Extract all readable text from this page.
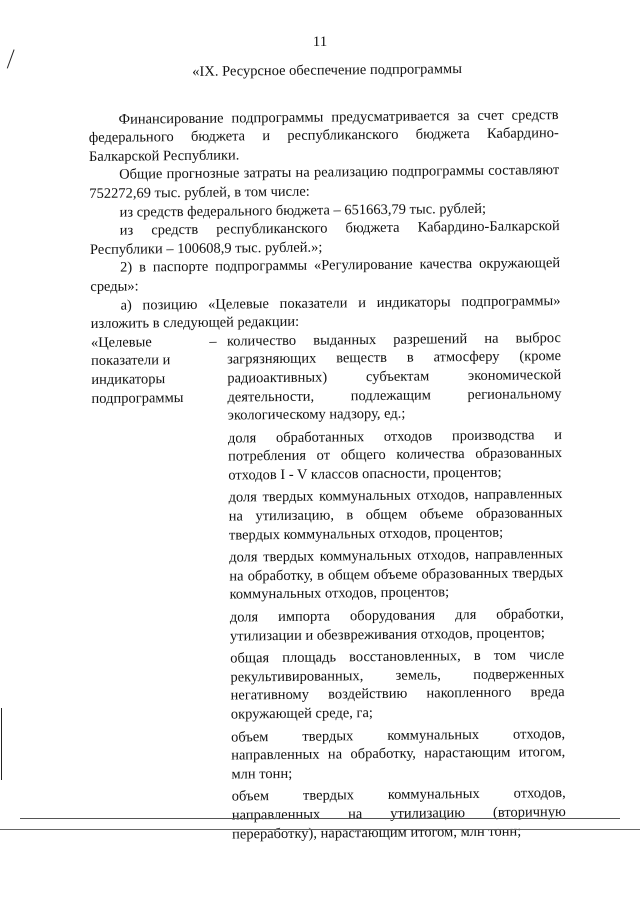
11
«IX. Ресурсное обеспечение подпрограммы

Финансирование подпрограммы предусматривается за счет средств федерального бюджета и республиканского бюджета Кабардино-Балкарской Республики.

Общие прогнозные затраты на реализацию подпрограммы составляют 752272,69 тыс. рублей, в том числе:

из средств федерального бюджета – 651663,79 тыс. рублей;

из средств республиканского бюджета Кабардино-Балкарской Республики – 100608,9 тыс. рублей.»;

2) в паспорте подпрограммы «Регулирование качества окружающей среды»:

а) позицию «Целевые показатели и индикаторы подпрограммы» изложить в следующей редакции:

«Целевые показатели и индикаторы подпрограммы
– количество выданных разрешений на выброс загрязняющих веществ в атмосферу (кроме радиоактивных) субъектам экономической деятельности, подлежащим региональному экологическому надзору, ед.;

доля обработанных отходов производства и потребления от общего количества образованных отходов I - V классов опасности, процентов;

доля твердых коммунальных отходов, направленных на утилизацию, в общем объеме образованных твердых коммунальных отходов, процентов;

доля твердых коммунальных отходов, направленных на обработку, в общем объеме образованных твердых коммунальных отходов, процентов;

доля импорта оборудования для обработки, утилизации и обезвреживания отходов, процентов;

общая площадь восстановленных, в том числе рекультивированных, земель, подверженных негативному воздействию накопленного вреда окружающей среде, га;

объем твердых коммунальных отходов, направленных на обработку, нарастающим итогом, млн тонн;

объем твердых коммунальных отходов, направленных на утилизацию (вторичную переработку), нарастающим итогом, млн тонн;
